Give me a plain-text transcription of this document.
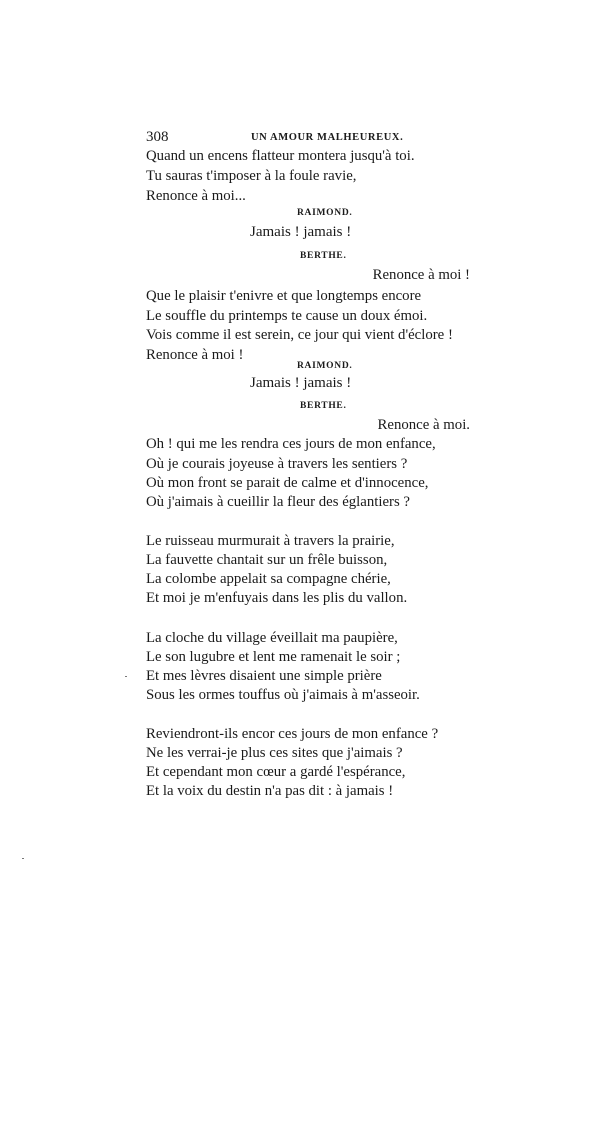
308	UN AMOUR MALHEUREUX.
Quand un encens flatteur montera jusqu'à toi.
Tu sauras t'imposer à la foule ravie,
Renonce à moi...
RAIMOND.
Jamais ! jamais !
BERTHE.
Renonce à moi !
Que le plaisir t'enivre et que longtemps encore
Le souffle du printemps te cause un doux émoi.
Vois comme il est serein, ce jour qui vient d'éclore !
Renonce à moi !
RAIMOND.
Jamais ! jamais !
BERTHE.
Renonce à moi.
Oh ! qui me les rendra ces jours de mon enfance,
Où je courais joyeuse à travers les sentiers ?
Où mon front se parait de calme et d'innocence,
Où j'aimais à cueillir la fleur des églantiers ?
Le ruisseau murmurait à travers la prairie,
La fauvette chantait sur un frêle buisson,
La colombe appelait sa compagne chérie,
Et moi je m'enfuyais dans les plis du vallon.
La cloche du village éveillait ma paupière,
Le son lugubre et lent me ramenait le soir ;
Et mes lèvres disaient une simple prière
Sous les ormes touffus où j'aimais à m'asseoir.
Reviendront-ils encor ces jours de mon enfance ?
Ne les verrai-je plus ces sites que j'aimais ?
Et cependant mon cœur a gardé l'espérance,
Et la voix du destin n'a pas dit : à jamais !
